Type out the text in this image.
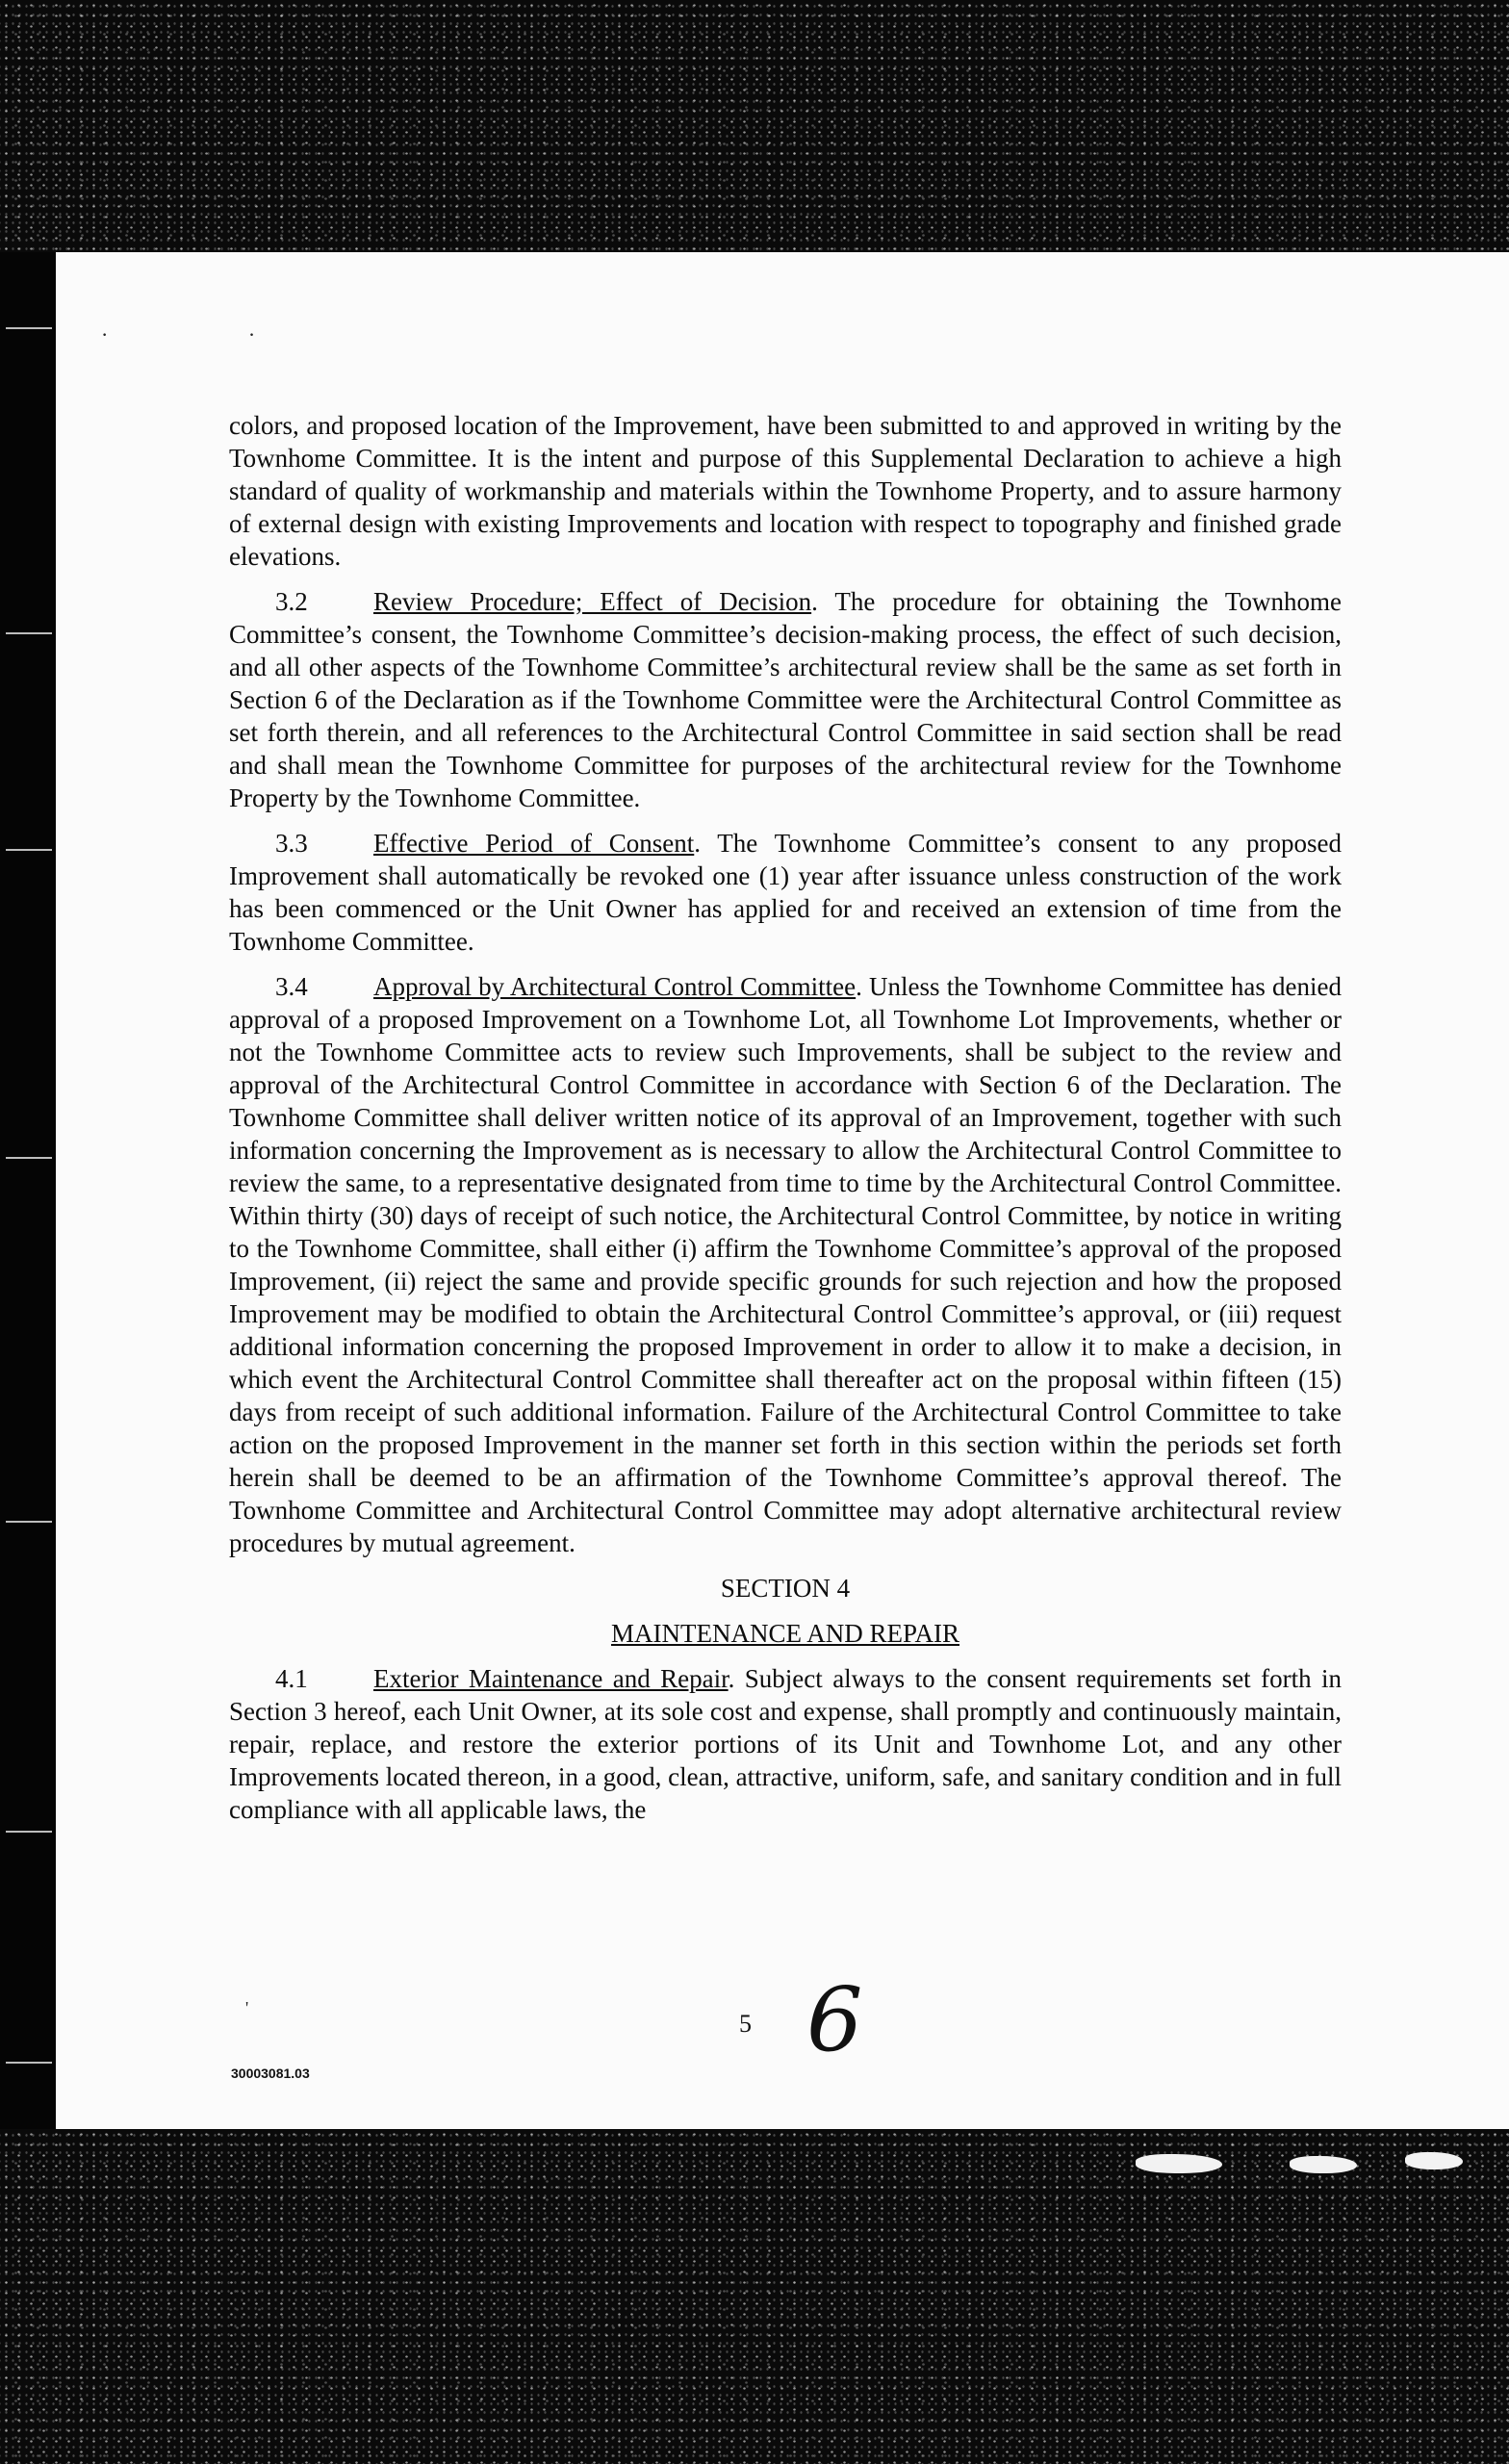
· ·

colors, and proposed location of the Improvement, have been submitted to and approved in writing by the Townhome Committee. It is the intent and purpose of this Supplemental Declaration to achieve a high standard of quality of workmanship and materials within the Townhome Property, and to assure harmony of external design with existing Improvements and location with respect to topography and finished grade elevations.

3.2	Review Procedure; Effect of Decision. The procedure for obtaining the Townhome Committee’s consent, the Townhome Committee’s decision-making process, the effect of such decision, and all other aspects of the Townhome Committee’s architectural review shall be the same as set forth in Section 6 of the Declaration as if the Townhome Committee were the Architectural Control Committee as set forth therein, and all references to the Architectural Control Committee in said section shall be read and shall mean the Townhome Committee for purposes of the architectural review for the Townhome Property by the Townhome Committee.

3.3	Effective Period of Consent. The Townhome Committee’s consent to any proposed Improvement shall automatically be revoked one (1) year after issuance unless construction of the work has been commenced or the Unit Owner has applied for and received an extension of time from the Townhome Committee.

3.4	Approval by Architectural Control Committee. Unless the Townhome Committee has denied approval of a proposed Improvement on a Townhome Lot, all Townhome Lot Improvements, whether or not the Townhome Committee acts to review such Improvements, shall be subject to the review and approval of the Architectural Control Committee in accordance with Section 6 of the Declaration. The Townhome Committee shall deliver written notice of its approval of an Improvement, together with such information concerning the Improvement as is necessary to allow the Architectural Control Committee to review the same, to a representative designated from time to time by the Architectural Control Committee. Within thirty (30) days of receipt of such notice, the Architectural Control Committee, by notice in writing to the Townhome Committee, shall either (i) affirm the Townhome Committee’s approval of the proposed Improvement, (ii) reject the same and provide specific grounds for such rejection and how the proposed Improvement may be modified to obtain the Architectural Control Committee’s approval, or (iii) request additional information concerning the proposed Improvement in order to allow it to make a decision, in which event the Architectural Control Committee shall thereafter act on the proposal within fifteen (15) days from receipt of such additional information. Failure of the Architectural Control Committee to take action on the proposed Improvement in the manner set forth in this section within the periods set forth herein shall be deemed to be an affirmation of the Townhome Committee’s approval thereof. The Townhome Committee and Architectural Control Committee may adopt alternative architectural review procedures by mutual agreement.

SECTION 4

MAINTENANCE AND REPAIR

4.1	Exterior Maintenance and Repair. Subject always to the consent requirements set forth in Section 3 hereof, each Unit Owner, at its sole cost and expense, shall promptly and continuously maintain, repair, replace, and restore the exterior portions of its Unit and Townhome Lot, and any other Improvements located thereon, in a good, clean, attractive, uniform, safe, and sanitary condition and in full compliance with all applicable laws, the

'
5 6
30003081.03
